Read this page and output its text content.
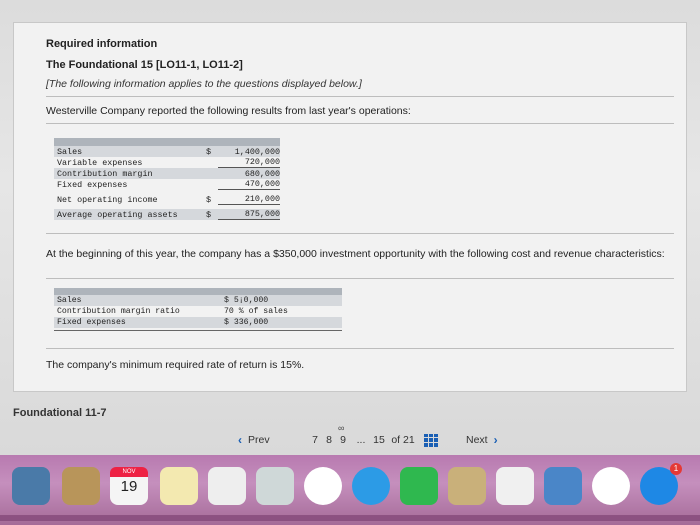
Required information
The Foundational 15 [LO11-1, LO11-2]
[The following information applies to the questions displayed below.]
Westerville Company reported the following results from last year's operations:
Sales	$	1,400,000
Variable expenses	720,000
Contribution margin	680,000
Fixed expenses	470,000
Net operating income	$	210,000
Average operating assets	$	875,000
At the beginning of this year, the company has a $350,000 investment opportunity with the following cost and revenue characteristics:
Sales	$ 5¡0,000
Contribution margin ratio	70 % of sales
Fixed expenses	$ 336,000
The company's minimum required rate of return is 15%.
Foundational 11-7
‹ Prev	7 8
∞
9	... 15 of 21	Next ›
NOV
19
1
